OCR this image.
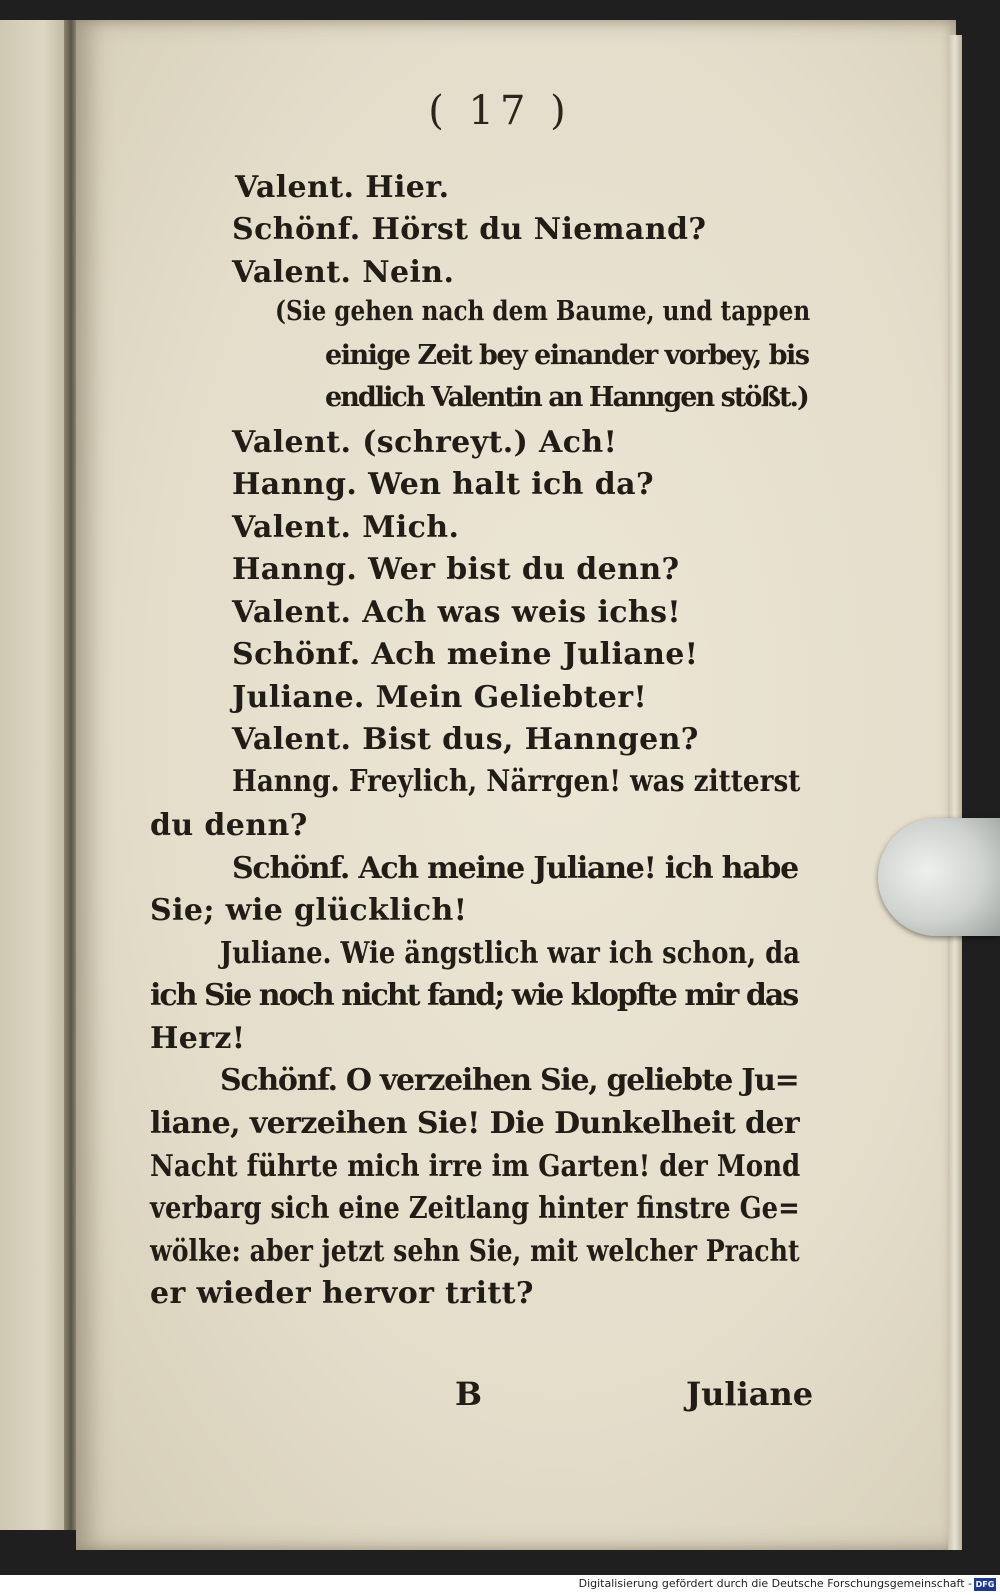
( 17 )
Valent. Hier.
Schönf. Hörst du Niemand?
Valent. Nein.
(Sie gehen nach dem Baume, und tappen
einige Zeit bey einander vorbey, bis
endlich Valentin an Hanngen stößt.)
Valent. (schreyt.) Ach!
Hanng. Wen halt ich da?
Valent. Mich.
Hanng. Wer bist du denn?
Valent. Ach was weis ichs!
Schönf. Ach meine Juliane!
Juliane. Mein Geliebter!
Valent. Bist dus, Hanngen?
Hanng. Freylich, Närrgen! was zitterst
du denn?
Schönf. Ach meine Juliane! ich habe
Sie; wie glücklich!
Juliane. Wie ängstlich war ich schon, da
ich Sie noch nicht fand; wie klopfte mir das
Herz!
Schönf. O verzeihen Sie, geliebte Ju=
liane, verzeihen Sie! Die Dunkelheit der
Nacht führte mich irre im Garten! der Mond
verbarg sich eine Zeitlang hinter finstre Ge=
wölke: aber jetzt sehn Sie, mit welcher Pracht
er wieder hervor tritt?
B	Juliane
Digitalisierung gefördert durch die Deutsche Forschungsgemeinschaft - DFG
